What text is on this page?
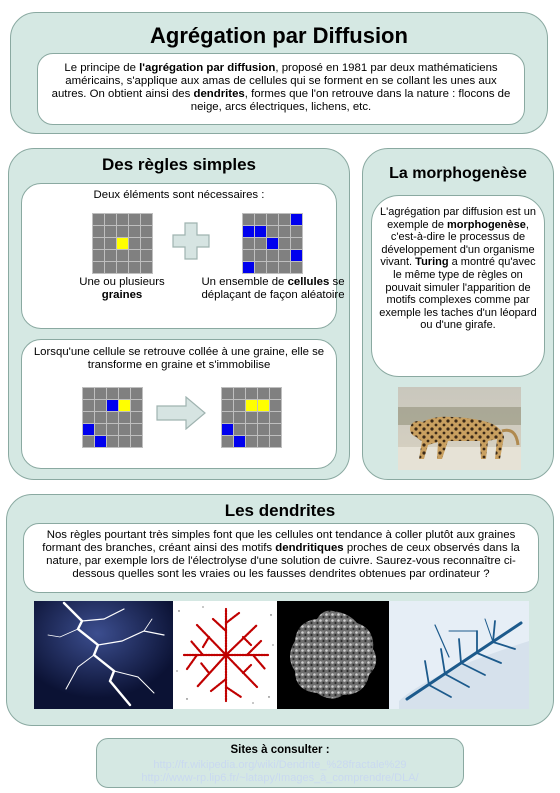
Agrégation par Diffusion
Le principe de l'agrégation par diffusion, proposé en 1981 par deux mathématiciens américains, s'applique aux amas de cellules qui se forment en se collant les unes aux autres. On obtient ainsi des dendrites, formes que l'on retrouve dans la nature : flocons de neige, arcs électriques, lichens, etc.
Des règles simples
Deux éléments sont nécessaires :
Une ou plusieurs
graines
Un ensemble de cellules se déplaçant de façon aléatoire
Lorsqu'une cellule se retrouve collée à une graine, elle se transforme en graine et s'immobilise
La morphogenèse
L'agrégation par diffusion est un exemple de morphogenèse, c'est-à-dire le processus de développement d'un organisme vivant. Turing a montré qu'avec le même type de règles on pouvait simuler l'apparition de motifs complexes comme par exemple les taches d'un léopard ou d'une girafe.
Les dendrites
Nos règles pourtant très simples font que les cellules ont tendance à coller plutôt aux graines formant des branches, créant ainsi des motifs dendritiques proches de ceux observés dans la nature, par exemple lors de l'électrolyse d'une solution de cuivre. Saurez-vous reconnaître ci-dessous quelles sont les vraies ou les fausses dendrites obtenues par ordinateur ?
Sites à consulter :
http://fr.wikipedia.org/wiki/Dendrite_%28fractale%29
http://www-rp.lip6.fr/~latapy/Images_à_comprendre/DLA/
